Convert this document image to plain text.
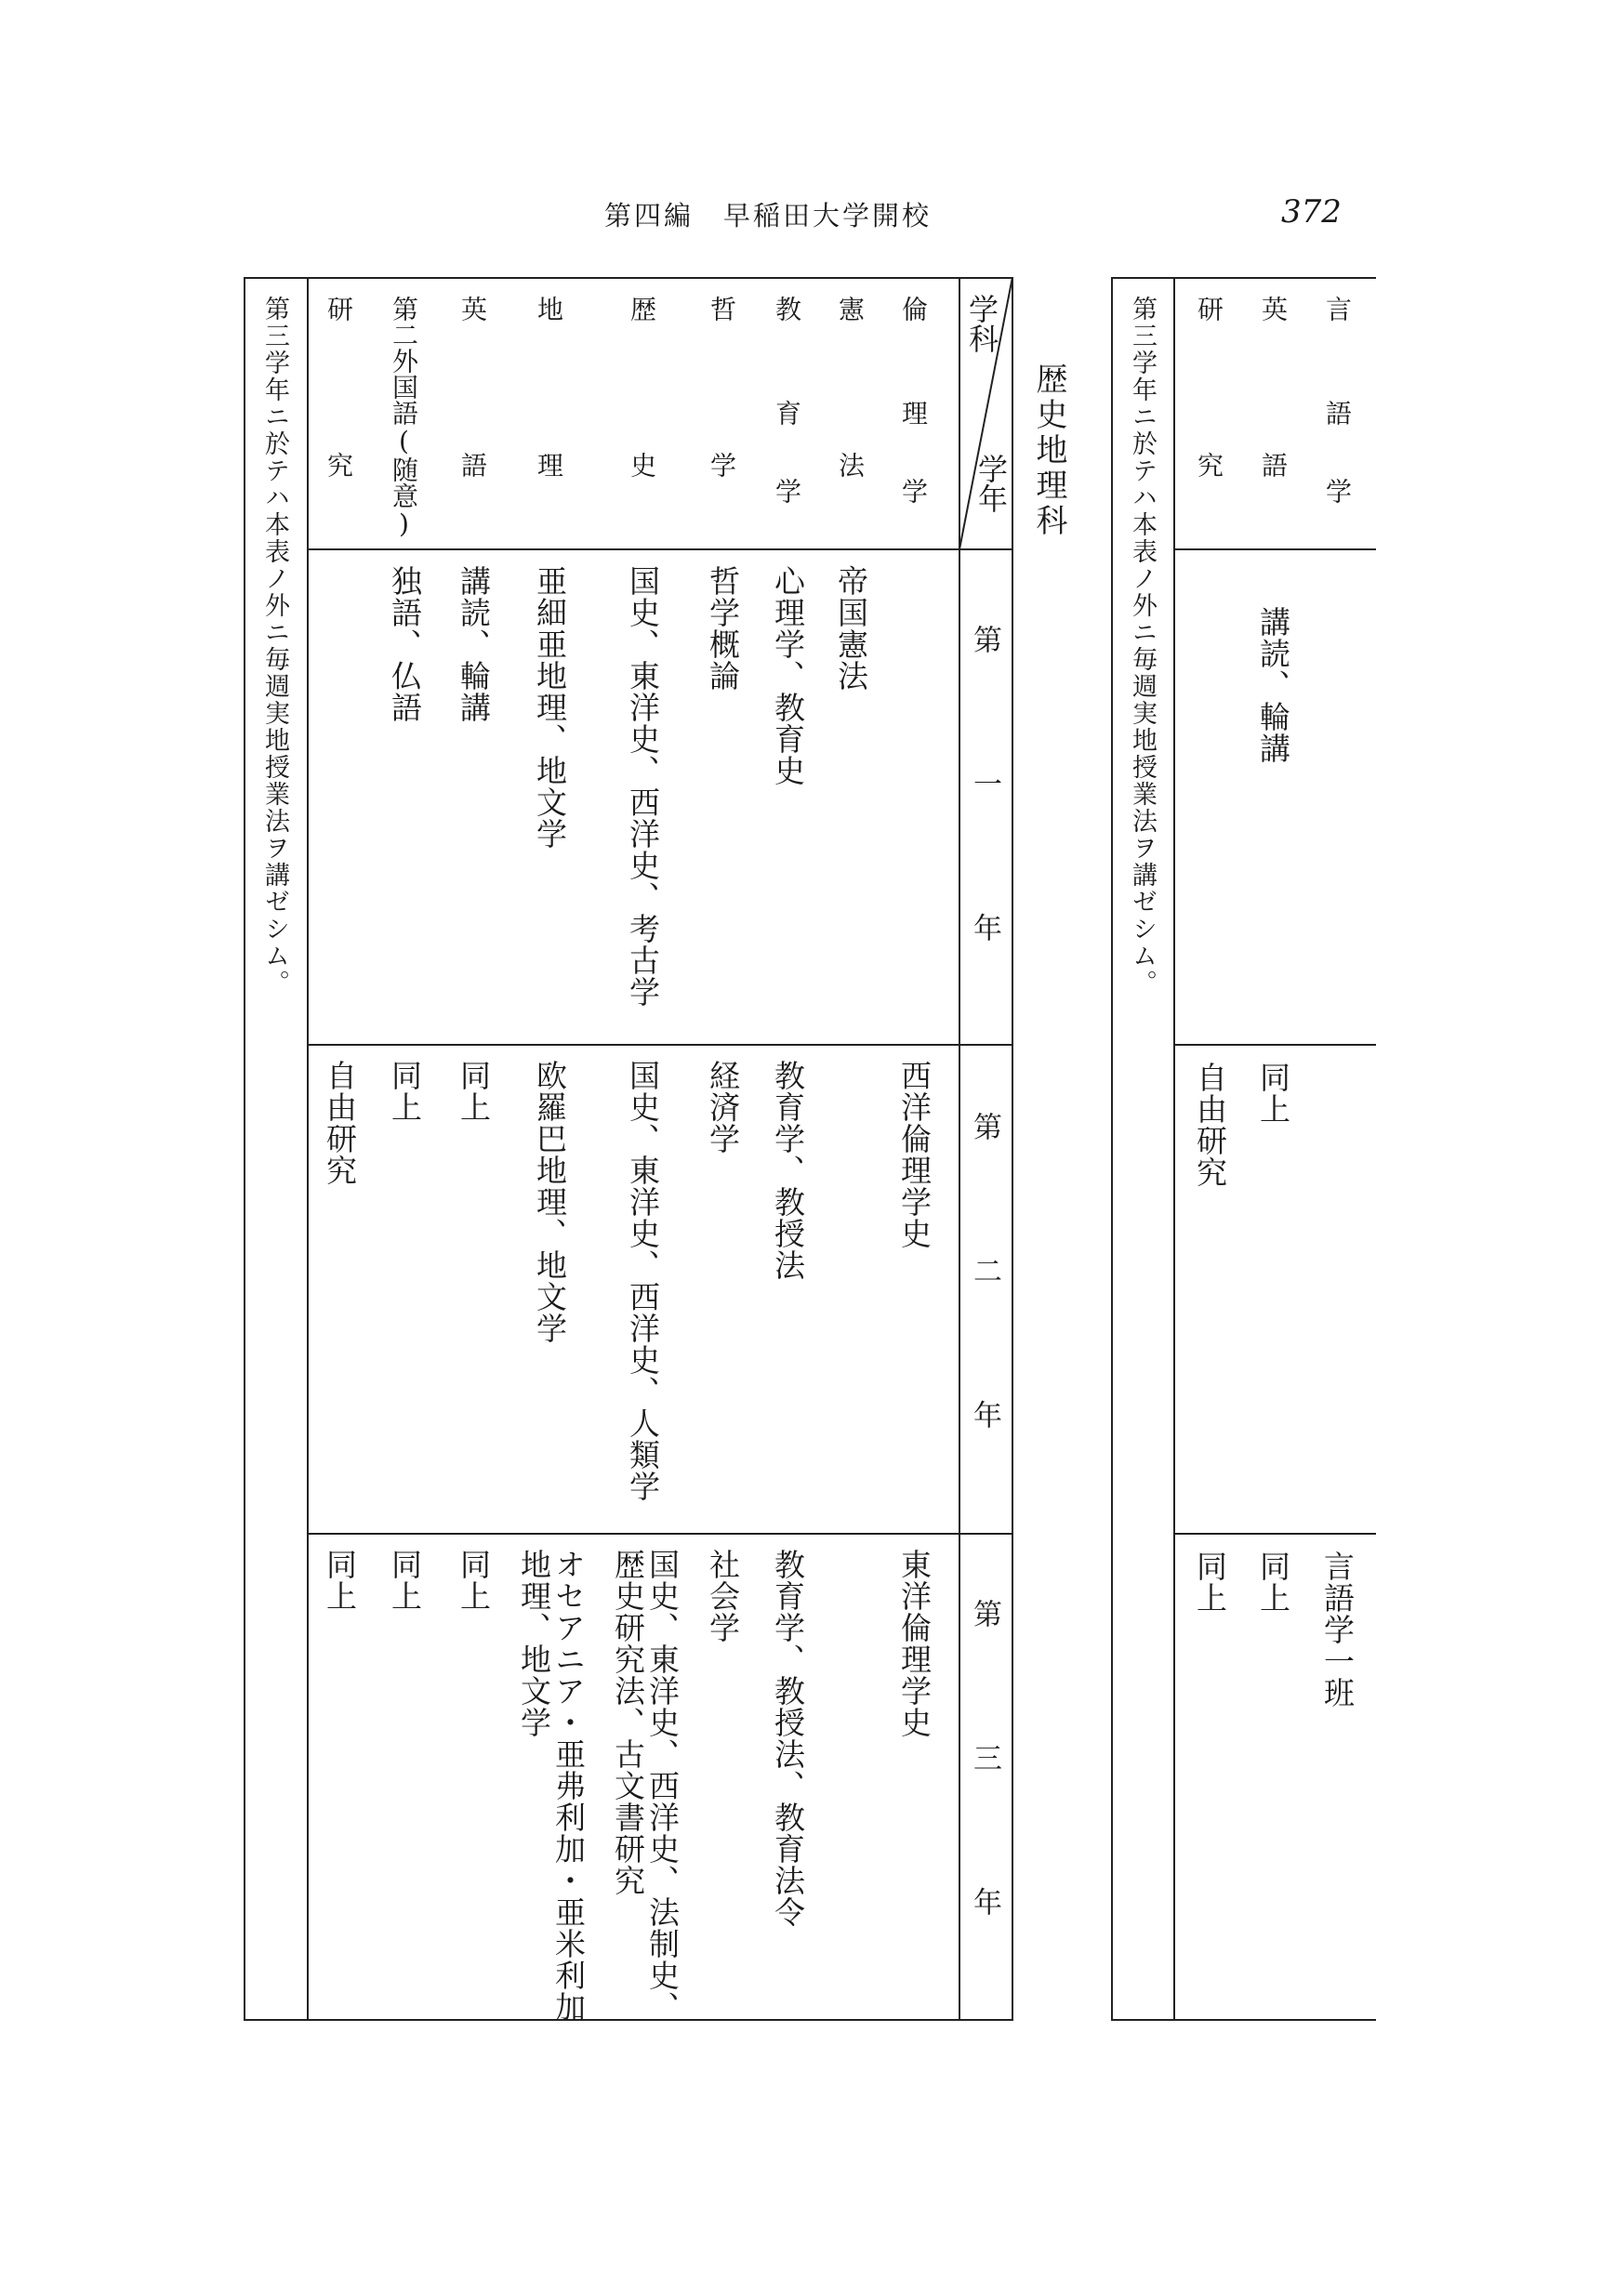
第四編　早稲田大学開校	372
言　　　語　　学
英　　　　　語
研　　　　　究
講読、輪講
同上
自由研究
言語学一班
同上
同上
第三学年ニ於テハ本表ノ外ニ毎週実地授業法ヲ講ゼシム。
歴史地理科
学科
学年
第　　　　一　　　　年
第　　　　二　　　　年
第　　　　三　　　　年
倫　　　理　　学
憲　　　　　法
教　　　育　　学
哲　　　　　学
歴　　　　　史
地　　　　　理
英　　　　　語
第二外国語(随意)
研　　　　　究
帝国憲法
心理学、教育史
哲学概論
国史、東洋史、西洋史、考古学
亜細亜地理、地文学
講読、輪講
独語、仏語
西洋倫理学史
教育学、教授法
経済学
国史、東洋史、西洋史、人類学
欧羅巴地理、地文学
同上
同上
自由研究
東洋倫理学史
教育学、教授法、教育法令
社会学
国史、東洋史、西洋史、法制史、
歴史研究法、古文書研究
オセアニア・亜弗利加・亜米利加
地理、地文学
同上
同上
同上
第三学年ニ於テハ本表ノ外ニ毎週実地授業法ヲ講ゼシム。
